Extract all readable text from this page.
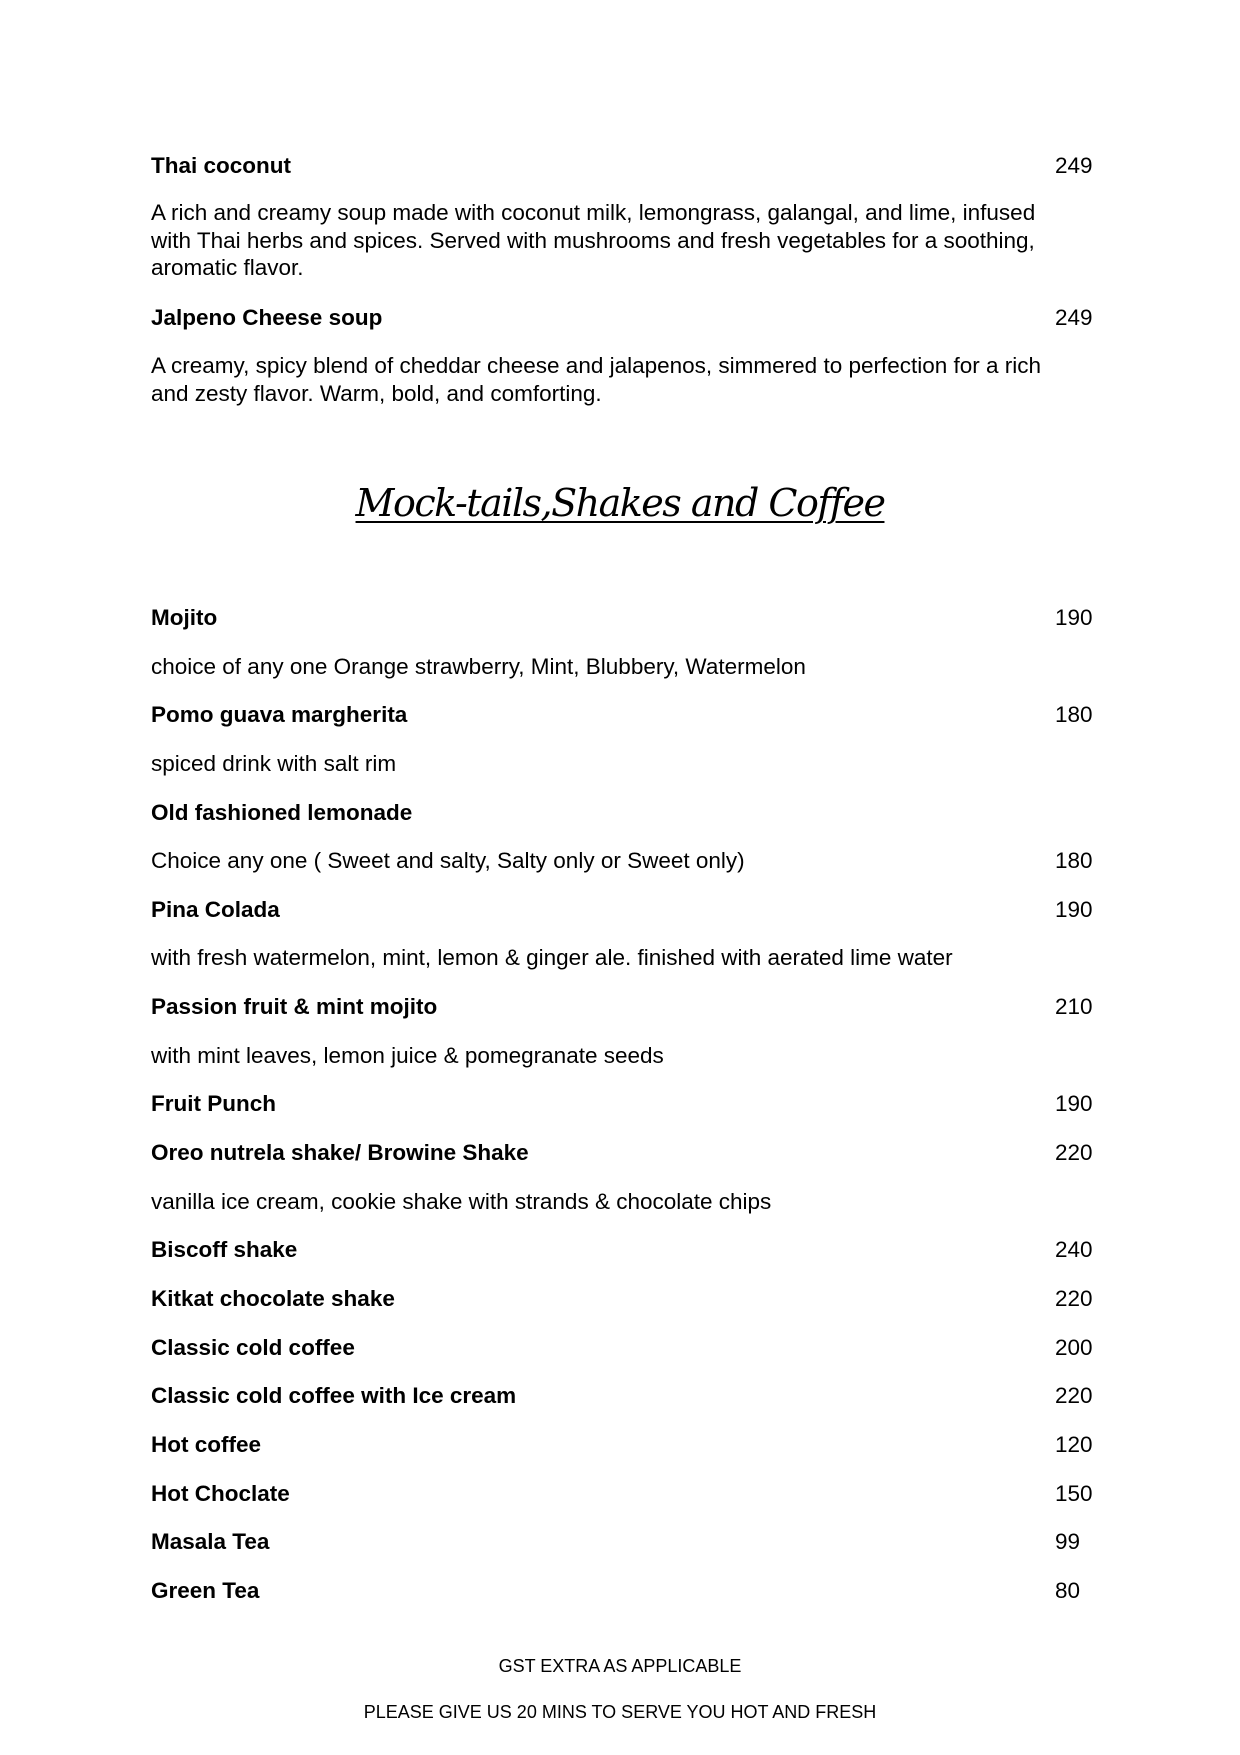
Thai coconut	249
A rich and creamy soup made with coconut milk, lemongrass, galangal, and lime, infused
with Thai herbs and spices. Served with mushrooms and fresh vegetables for a soothing,
aromatic flavor.
Jalpeno Cheese soup	249
A creamy, spicy blend of cheddar cheese and jalapenos, simmered to perfection for a rich
and zesty flavor. Warm, bold, and comforting.
Mock-tails,Shakes and Coffee
Mojito	190
choice of any one Orange strawberry, Mint, Blubbery, Watermelon
Pomo guava margherita	180
spiced drink with salt rim
Old fashioned lemonade
Choice any one ( Sweet and salty, Salty only or Sweet only)	180
Pina Colada	190
with fresh watermelon, mint, lemon & ginger ale. finished with aerated lime water
Passion fruit & mint mojito	210
with mint leaves, lemon juice & pomegranate seeds
Fruit Punch	190
Oreo nutrela shake/ Browine Shake	220
vanilla ice cream, cookie shake with strands & chocolate chips
Biscoff shake	240
Kitkat chocolate shake	220
Classic cold coffee	200
Classic cold coffee with Ice cream	220
Hot coffee	120
Hot Choclate	150
Masala Tea	99
Green Tea	80
GST EXTRA AS APPLICABLE
PLEASE GIVE US 20 MINS TO SERVE YOU HOT AND FRESH
